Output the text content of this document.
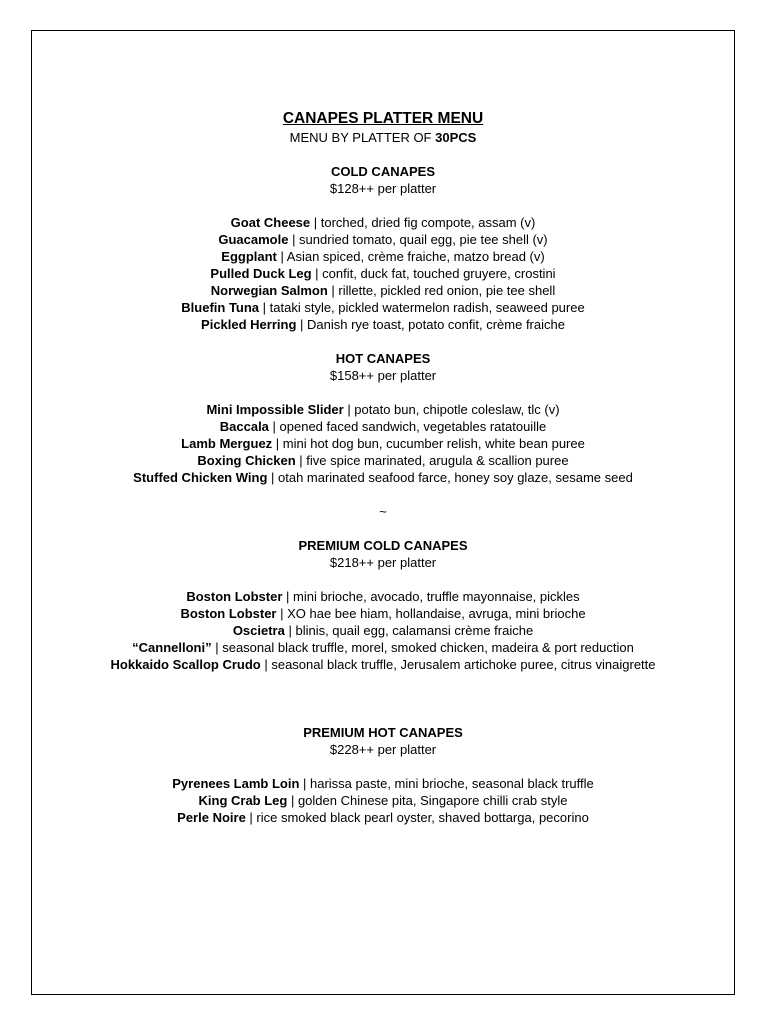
CANAPES PLATTER MENU
MENU BY PLATTER OF 30PCS
COLD CANAPES
$128++ per platter
Goat Cheese | torched, dried fig compote, assam (v)
Guacamole | sundried tomato, quail egg, pie tee shell (v)
Eggplant | Asian spiced, crème fraiche, matzo bread (v)
Pulled Duck Leg | confit, duck fat, touched gruyere, crostini
Norwegian Salmon | rillette, pickled red onion, pie tee shell
Bluefin Tuna | tataki style, pickled watermelon radish, seaweed puree
Pickled Herring | Danish rye toast, potato confit, crème fraiche
HOT CANAPES
$158++ per platter
Mini Impossible Slider | potato bun, chipotle coleslaw, tlc (v)
Baccala | opened faced sandwich, vegetables ratatouille
Lamb Merguez | mini hot dog bun, cucumber relish, white bean puree
Boxing Chicken | five spice marinated, arugula & scallion puree
Stuffed Chicken Wing | otah marinated seafood farce, honey soy glaze, sesame seed
~
PREMIUM COLD CANAPES
$218++ per platter
Boston Lobster | mini brioche, avocado, truffle mayonnaise, pickles
Boston Lobster | XO hae bee hiam, hollandaise, avruga, mini brioche
Oscietra | blinis, quail egg, calamansi crème fraiche
“Cannelloni” | seasonal black truffle, morel, smoked chicken, madeira & port reduction
Hokkaido Scallop Crudo | seasonal black truffle, Jerusalem artichoke puree, citrus vinaigrette
PREMIUM HOT CANAPES
$228++ per platter
Pyrenees Lamb Loin | harissa paste, mini brioche, seasonal black truffle
King Crab Leg | golden Chinese pita, Singapore chilli crab style
Perle Noire | rice smoked black pearl oyster, shaved bottarga, pecorino
